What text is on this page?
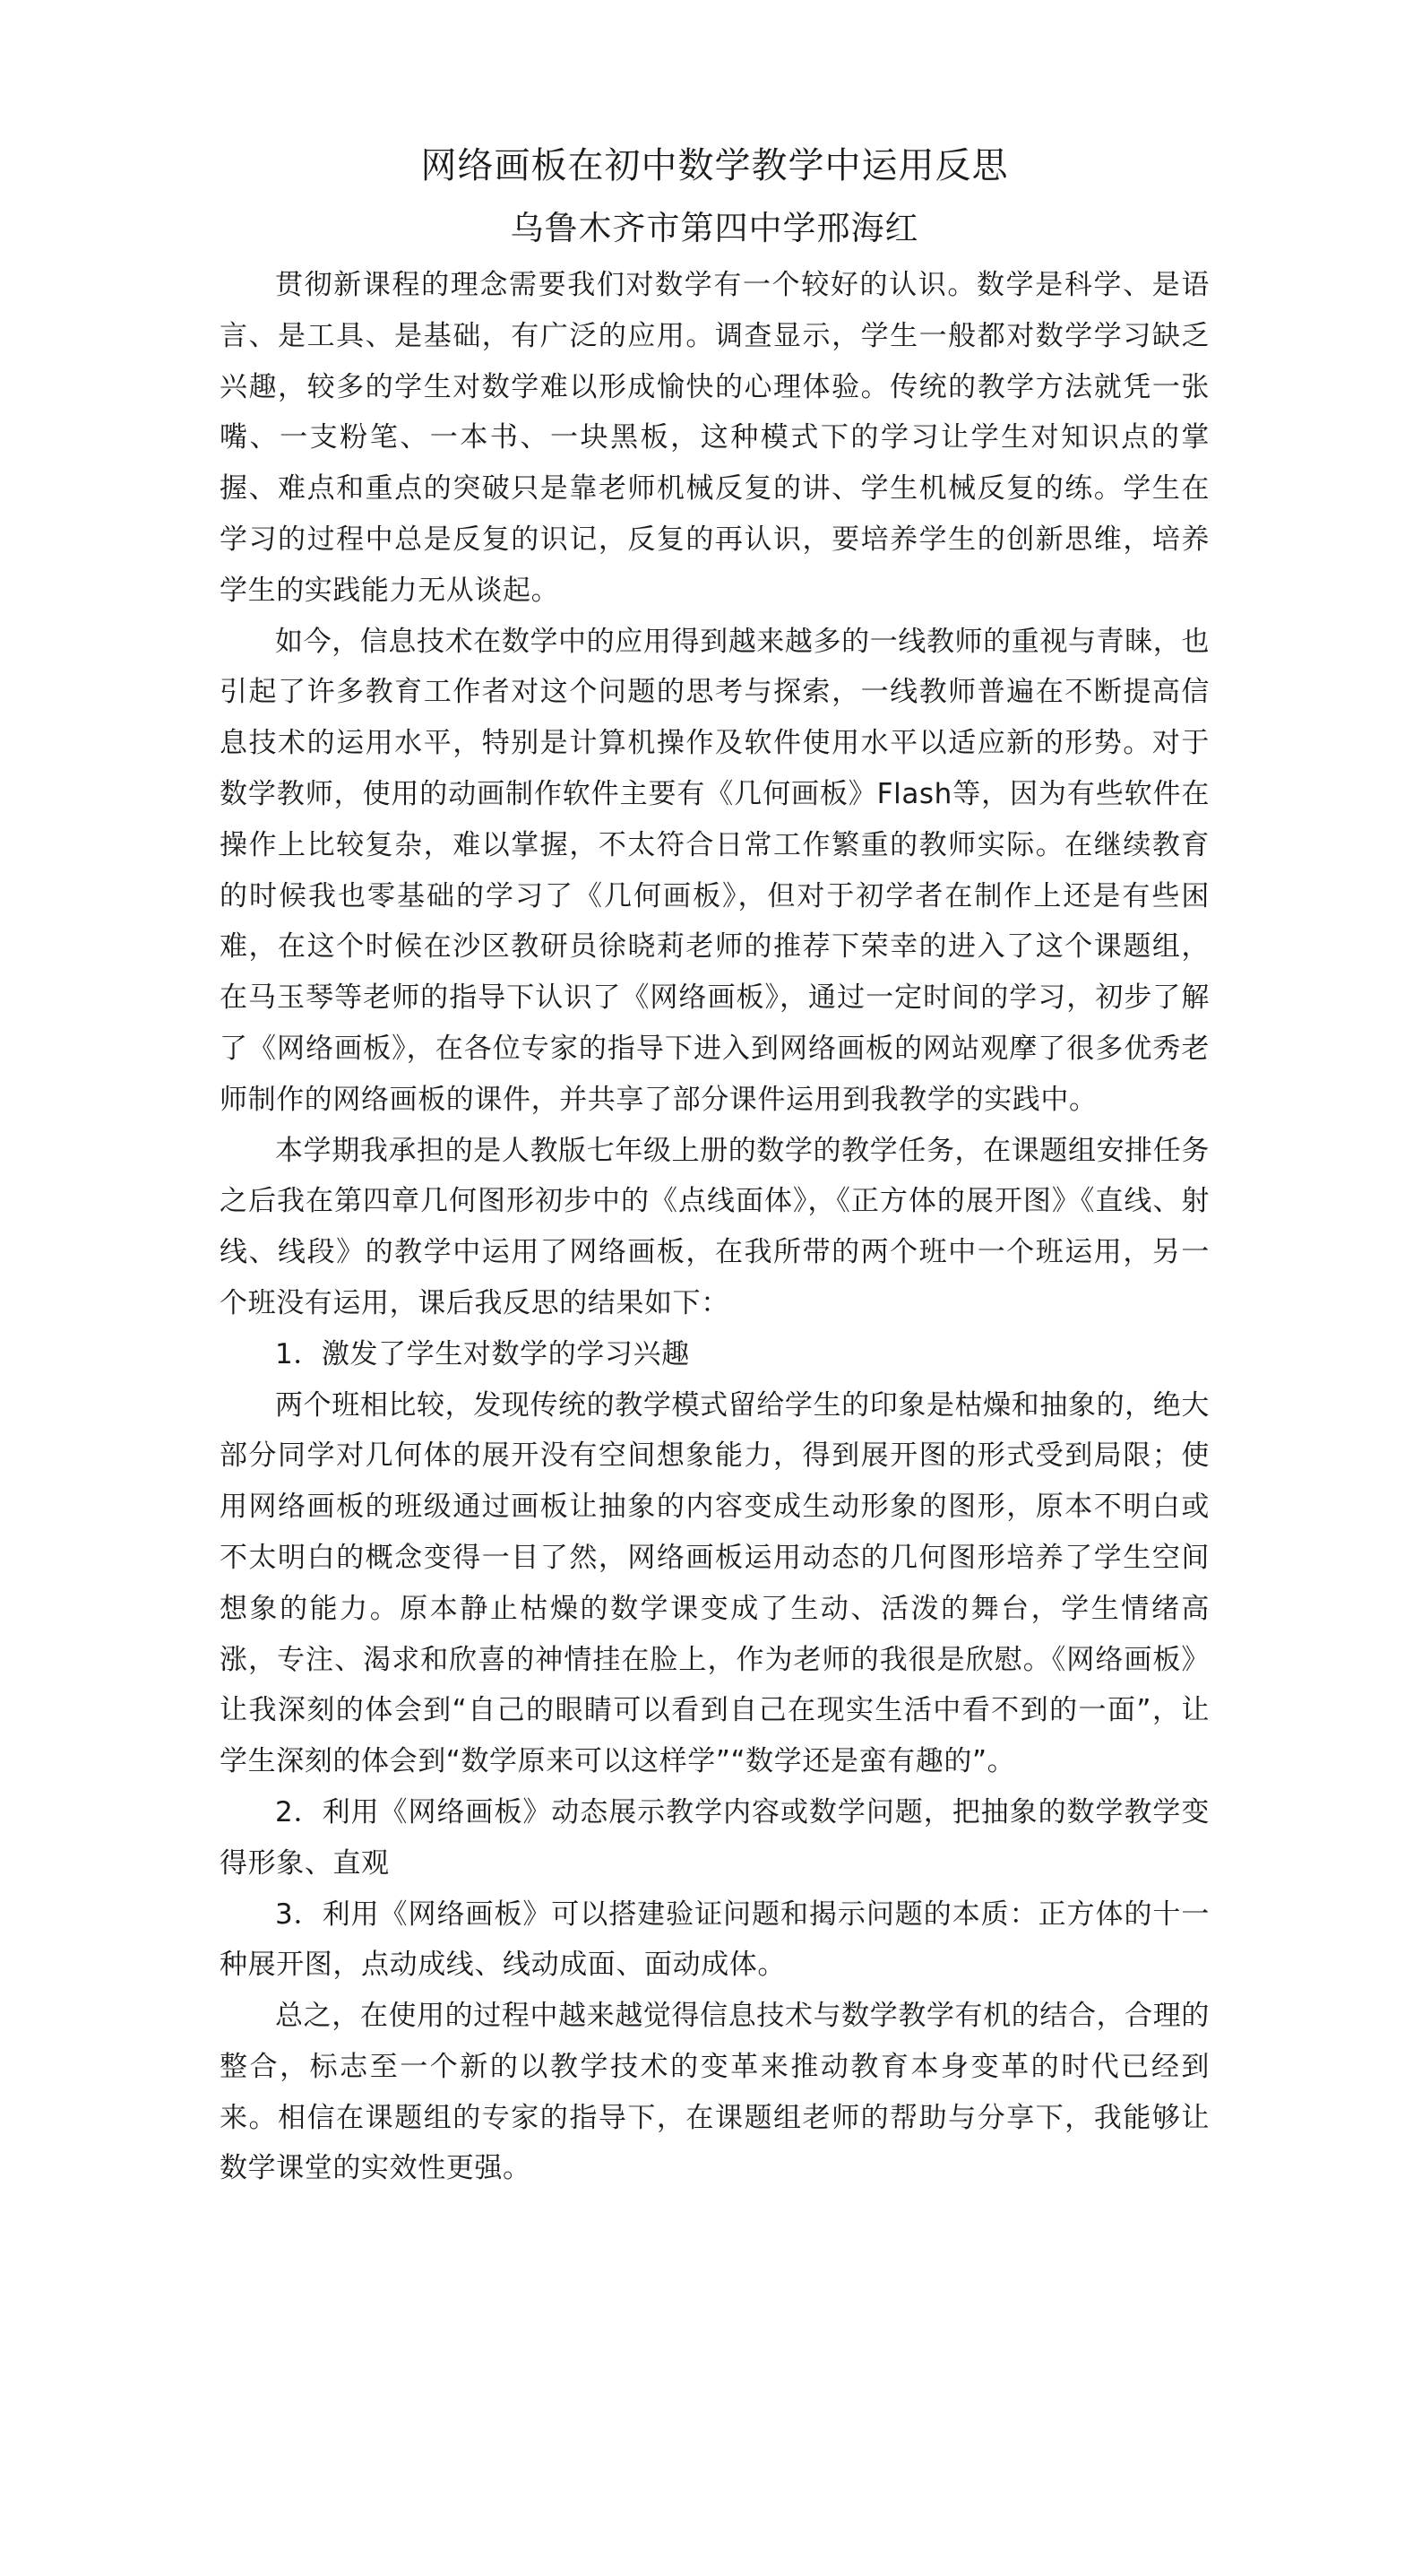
网络画板在初中数学教学中运用反思
乌鲁木齐市第四中学邢海红

贯彻新课程的理念需要我们对数学有一个较好的认识。数学是科学、是语言、是工具、是基础，有广泛的应用。调查显示，学生一般都对数学学习缺乏兴趣，较多的学生对数学难以形成愉快的心理体验。传统的教学方法就凭一张嘴、一支粉笔、一本书、一块黑板，这种模式下的学习让学生对知识点的掌握、难点和重点的突破只是靠老师机械反复的讲、学生机械反复的练。学生在学习的过程中总是反复的识记，反复的再认识，要培养学生的创新思维，培养学生的实践能力无从谈起。

如今，信息技术在数学中的应用得到越来越多的一线教师的重视与青睐，也引起了许多教育工作者对这个问题的思考与探索，一线教师普遍在不断提高信息技术的运用水平，特别是计算机操作及软件使用水平以适应新的形势。对于数学教师，使用的动画制作软件主要有《几何画板》Flash等，因为有些软件在操作上比较复杂，难以掌握，不太符合日常工作繁重的教师实际。在继续教育的时候我也零基础的学习了《几何画板》，但对于初学者在制作上还是有些困难，在这个时候在沙区教研员徐晓莉老师的推荐下荣幸的进入了这个课题组，在马玉琴等老师的指导下认识了《网络画板》，通过一定时间的学习，初步了解了《网络画板》，在各位专家的指导下进入到网络画板的网站观摩了很多优秀老师制作的网络画板的课件，并共享了部分课件运用到我教学的实践中。

本学期我承担的是人教版七年级上册的数学的教学任务，在课题组安排任务之后我在第四章几何图形初步中的《点线面体》，《正方体的展开图》《直线、射线、线段》的教学中运用了网络画板，在我所带的两个班中一个班运用，另一个班没有运用，课后我反思的结果如下：

1．激发了学生对数学的学习兴趣

两个班相比较，发现传统的教学模式留给学生的印象是枯燥和抽象的，绝大部分同学对几何体的展开没有空间想象能力，得到展开图的形式受到局限；使用网络画板的班级通过画板让抽象的内容变成生动形象的图形，原本不明白或不太明白的概念变得一目了然，网络画板运用动态的几何图形培养了学生空间想象的能力。原本静止枯燥的数学课变成了生动、活泼的舞台，学生情绪高涨，专注、渴求和欣喜的神情挂在脸上，作为老师的我很是欣慰。《网络画板》让我深刻的体会到“自己的眼睛可以看到自己在现实生活中看不到的一面”，让学生深刻的体会到“数学原来可以这样学”“数学还是蛮有趣的”。

2．利用《网络画板》动态展示教学内容或数学问题，把抽象的数学教学变得形象、直观

3．利用《网络画板》可以搭建验证问题和揭示问题的本质：正方体的十一种展开图，点动成线、线动成面、面动成体。

总之，在使用的过程中越来越觉得信息技术与数学教学有机的结合，合理的整合，标志至一个新的以教学技术的变革来推动教育本身变革的时代已经到来。相信在课题组的专家的指导下，在课题组老师的帮助与分享下，我能够让数学课堂的实效性更强。
